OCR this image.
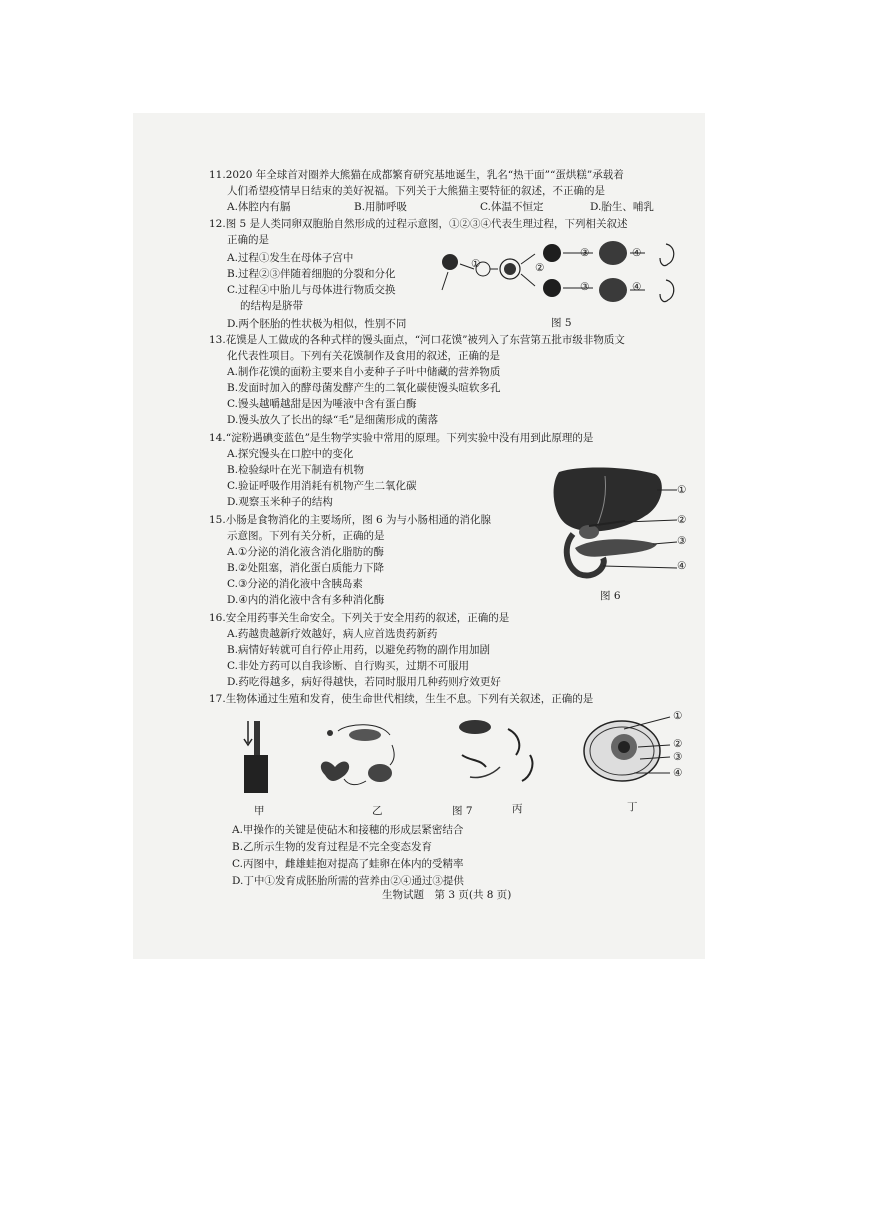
11.2020 年全球首对圈养大熊猫在成都繁育研究基地诞生，乳名“热干面”“蛋烘糕”承载着
人们希望疫情早日结束的美好祝福。下列关于大熊猫主要特征的叙述，不正确的是
A.体腔内有膈	B.用肺呼吸	C.体温不恒定	D.胎生、哺乳
12.图 5 是人类同卵双胞胎自然形成的过程示意图，①②③④代表生理过程，下列相关叙述
正确的是
A.过程①发生在母体子宫中
B.过程②③伴随着细胞的分裂和分化
C.过程④中胎儿与母体进行物质交换
的结构是脐带
D.两个胚胎的性状极为相似，性别不同
①
③	④
③	④
②
图 5
13.花馍是人工做成的各种式样的馒头面点，“河口花馍”被列入了东营第五批市级非物质文
化代表性项目。下列有关花馍制作及食用的叙述，正确的是
A.制作花馍的面粉主要来自小麦种子子叶中储藏的营养物质
B.发面时加入的酵母菌发酵产生的二氧化碳使馒头暄软多孔
C.馒头越嚼越甜是因为唾液中含有蛋白酶
D.馒头放久了长出的绿“毛”是细菌形成的菌落
14.“淀粉遇碘变蓝色”是生物学实验中常用的原理。下列实验中没有用到此原理的是
A.探究馒头在口腔中的变化
B.检验绿叶在光下制造有机物
C.验证呼吸作用消耗有机物产生二氧化碳
D.观察玉米种子的结构
15.小肠是食物消化的主要场所，图 6 为与小肠相通的消化腺
示意图。下列有关分析，正确的是
A.①分泌的消化液含消化脂肪的酶
B.②处阻塞，消化蛋白质能力下降
C.③分泌的消化液中含胰岛素
D.④内的消化液中含有多种消化酶
①
②
③
④
图 6
16.安全用药事关生命安全。下列关于安全用药的叙述，正确的是
A.药越贵越新疗效越好，病人应首选贵药新药
B.病情好转就可自行停止用药，以避免药物的副作用加剧
C.非处方药可以自我诊断、自行购买，过期不可服用
D.药吃得越多，病好得越快，若同时服用几种药则疗效更好
17.生物体通过生殖和发育，使生命世代相续，生生不息。下列有关叙述，正确的是
①
②
③
④
甲	乙	图 7	丙	丁
A.甲操作的关键是使砧木和接穗的形成层紧密结合
B.乙所示生物的发育过程是不完全变态发育
C.丙图中，雌雄蛙抱对提高了蛙卵在体内的受精率
D.丁中①发育成胚胎所需的营养由②④通过③提供
生物试题　第 3 页(共 8 页)
